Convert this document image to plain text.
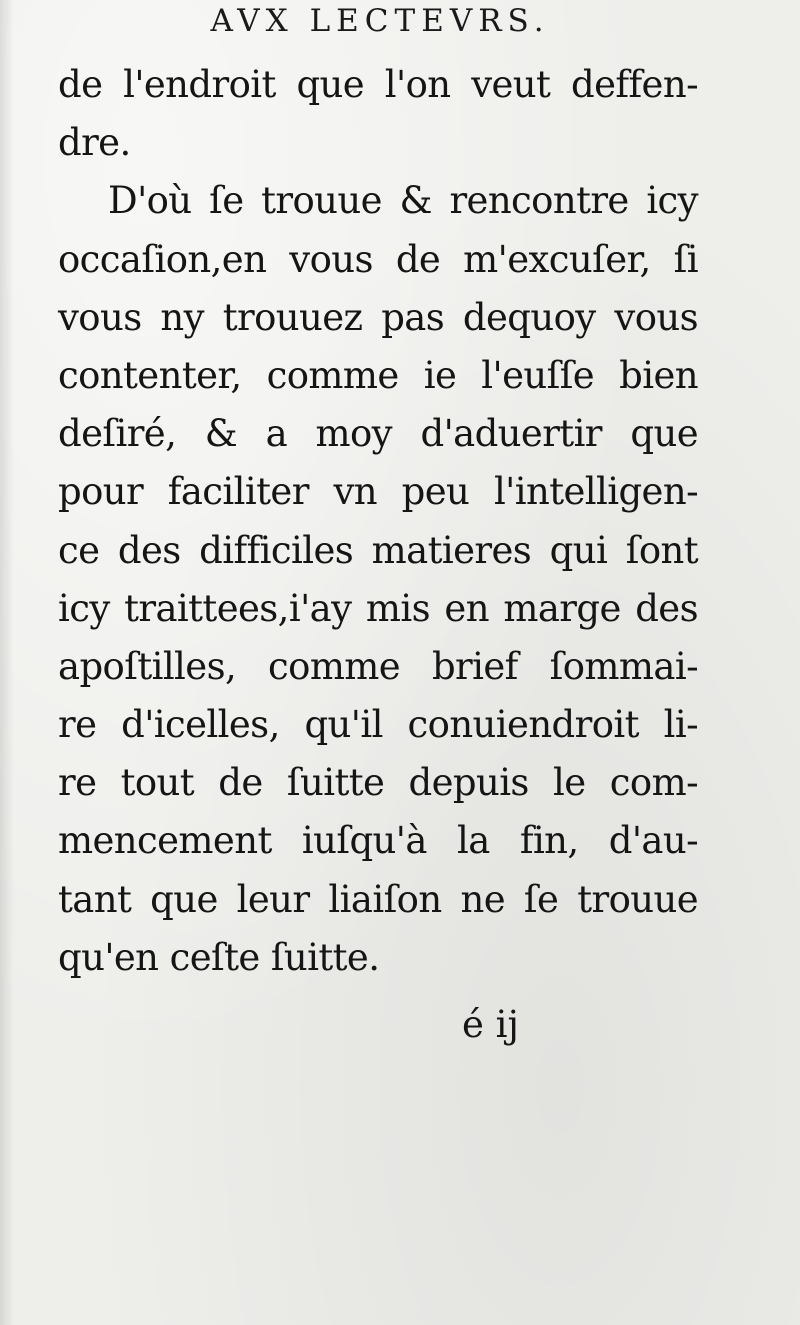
AVX LECTEVRS.
de l'endroit que l'on veut deffen-
dre.
D'où ſe trouue & rencontre icy
occaſion,en vous de m'excuſer, ſi
vous ny trouuez pas dequoy vous
contenter, comme ie l'euſſe bien
deſiré, & a moy d'aduertir que
pour faciliter vn peu l'intelligen-
ce des difficiles matieres qui ſont
icy traittees,i'ay mis en marge des
apoſtilles, comme brief ſommai-
re d'icelles, qu'il conuiendroit li-
re tout de ſuitte depuis le com-
mencement iuſqu'à la fin, d'au-
tant que leur liaiſon ne ſe trouue
qu'en ceſte ſuitte.
é ij
